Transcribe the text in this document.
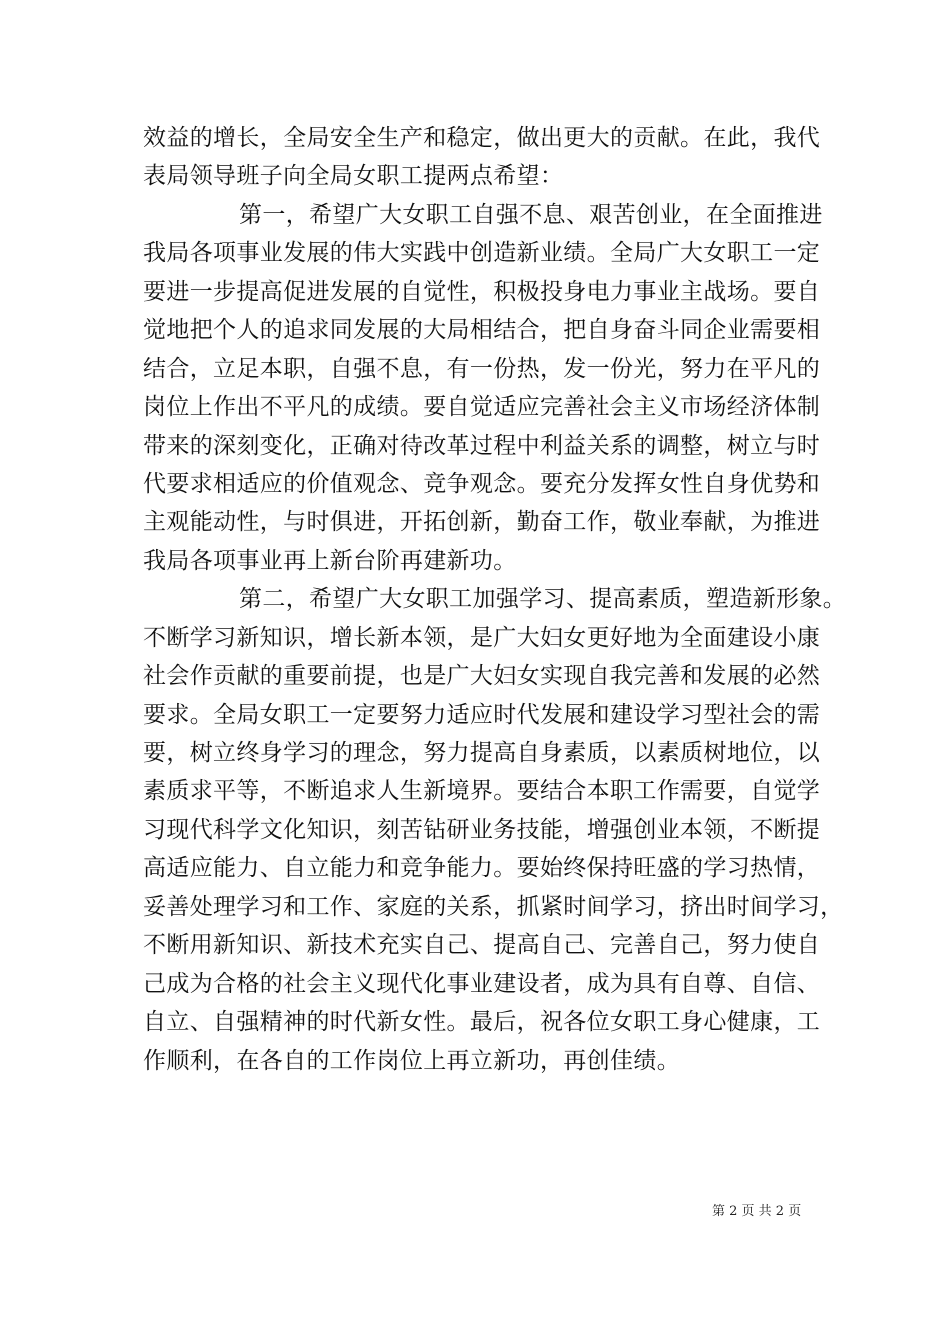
效益的增长，全局安全生产和稳定，做出更大的贡献。在此，我代
表局领导班子向全局女职工提两点希望：
第一，希望广大女职工自强不息、艰苦创业，在全面推进
我局各项事业发展的伟大实践中创造新业绩。全局广大女职工一定
要进一步提高促进发展的自觉性，积极投身电力事业主战场。要自
觉地把个人的追求同发展的大局相结合，把自身奋斗同企业需要相
结合，立足本职，自强不息，有一份热，发一份光，努力在平凡的
岗位上作出不平凡的成绩。要自觉适应完善社会主义市场经济体制
带来的深刻变化，正确对待改革过程中利益关系的调整，树立与时
代要求相适应的价值观念、竞争观念。要充分发挥女性自身优势和
主观能动性，与时俱进，开拓创新，勤奋工作，敬业奉献，为推进
我局各项事业再上新台阶再建新功。
第二，希望广大女职工加强学习、提高素质，塑造新形象。
不断学习新知识，增长新本领，是广大妇女更好地为全面建设小康
社会作贡献的重要前提，也是广大妇女实现自我完善和发展的必然
要求。全局女职工一定要努力适应时代发展和建设学习型社会的需
要，树立终身学习的理念，努力提高自身素质，以素质树地位，以
素质求平等，不断追求人生新境界。要结合本职工作需要，自觉学
习现代科学文化知识，刻苦钻研业务技能，增强创业本领，不断提
高适应能力、自立能力和竞争能力。要始终保持旺盛的学习热情，
妥善处理学习和工作、家庭的关系，抓紧时间学习，挤出时间学习，
不断用新知识、新技术充实自己、提高自己、完善自己，努力使自
己成为合格的社会主义现代化事业建设者，成为具有自尊、自信、
自立、自强精神的时代新女性。最后，祝各位女职工身心健康，工
作顺利，在各自的工作岗位上再立新功，再创佳绩。
第 2 页 共 2 页
